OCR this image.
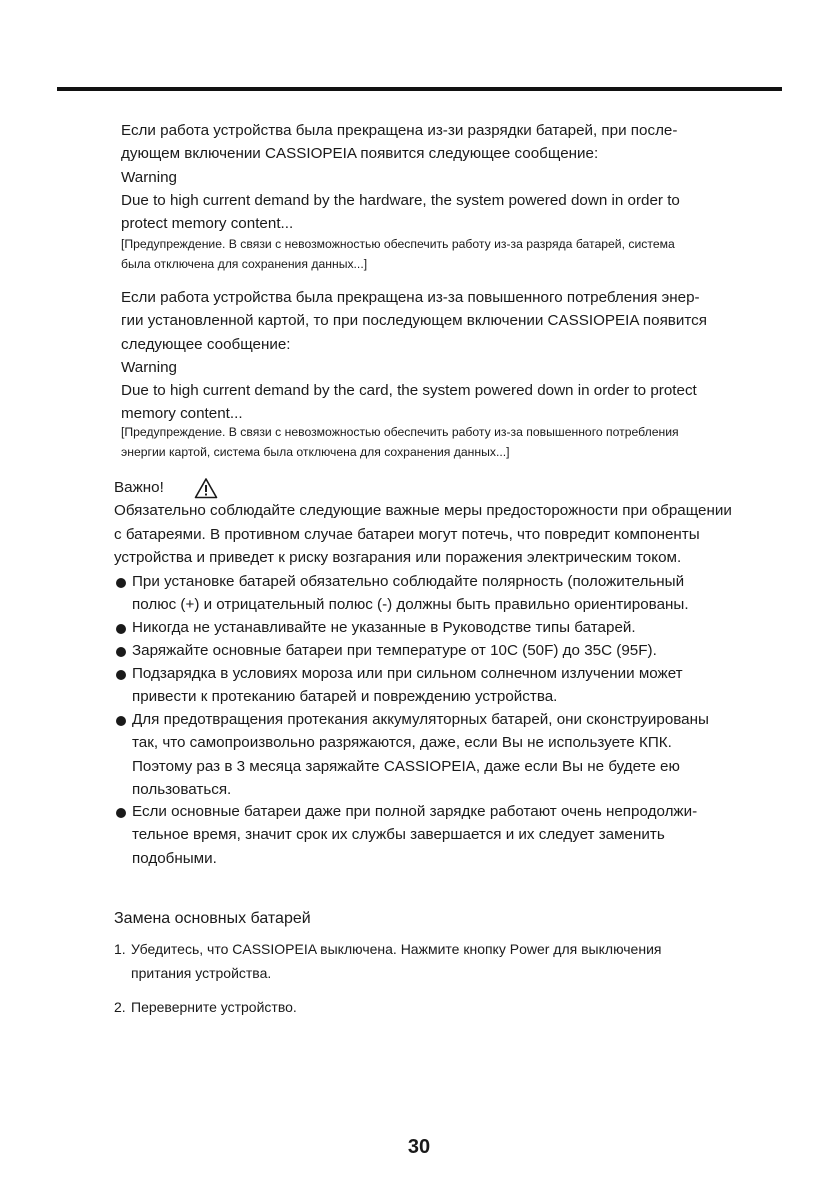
Если работа устройства была прекращена из-зи разрядки батарей, при после-
дующем включении CASSIOPEIA появится следующее сообщение:
Warning
Due to high current demand by the hardware, the system powered down in order to
protect memory content...
[Предупреждение. В связи с невозможностью обеспечить работу из-за разряда батарей, система
была отключена для сохранения данных...]
Если работа устройства была прекращена из-за повышенного потребления энер-
гии установленной картой, то при последующем включении CASSIOPEIA появится
следующее сообщение:
Warning
Due to high current demand by the card, the system powered down in order to protect
memory content...
[Предупреждение. В связи с невозможностью обеспечить работу из-за повышенного потребления
энергии картой, система была отключена для сохранения данных...]
Важно!
Обязательно соблюдайте следующие важные меры предосторожности при обращении
с батареями. В противном случае батареи могут потечь, что повредит компоненты
устройства и приведет к риску возгарания или поражения электрическим током.
При установке батарей обязательно соблюдайте полярность (положительный
полюс (+) и отрицательный полюс (-) должны быть правильно ориентированы.
Никогда не устанавливайте не указанные в Руководстве типы батарей.
Заряжайте основные батареи при температуре от 10С (50F) до 35С (95F).
Подзарядка в условиях мороза или при сильном солнечном излучении может
привести к протеканию батарей и повреждению устройства.
Для предотвращения протекания аккумуляторных батарей, они сконструированы
так, что самопроизвольно разряжаются, даже, если Вы не используете КПК.
Поэтому раз в 3 месяца заряжайте CASSIOPEIA, даже если Вы не будете ею
пользоваться.
Если основные батареи даже при полной зарядке работают очень непродолжи-
тельное время, значит срок их службы завершается и их следует заменить
подобными.
Замена основных батарей
1. Убедитесь, что CASSIOPEIA выключена. Нажмите кнопку Power для выключения
притания устройства.
2. Переверните устройство.
30
